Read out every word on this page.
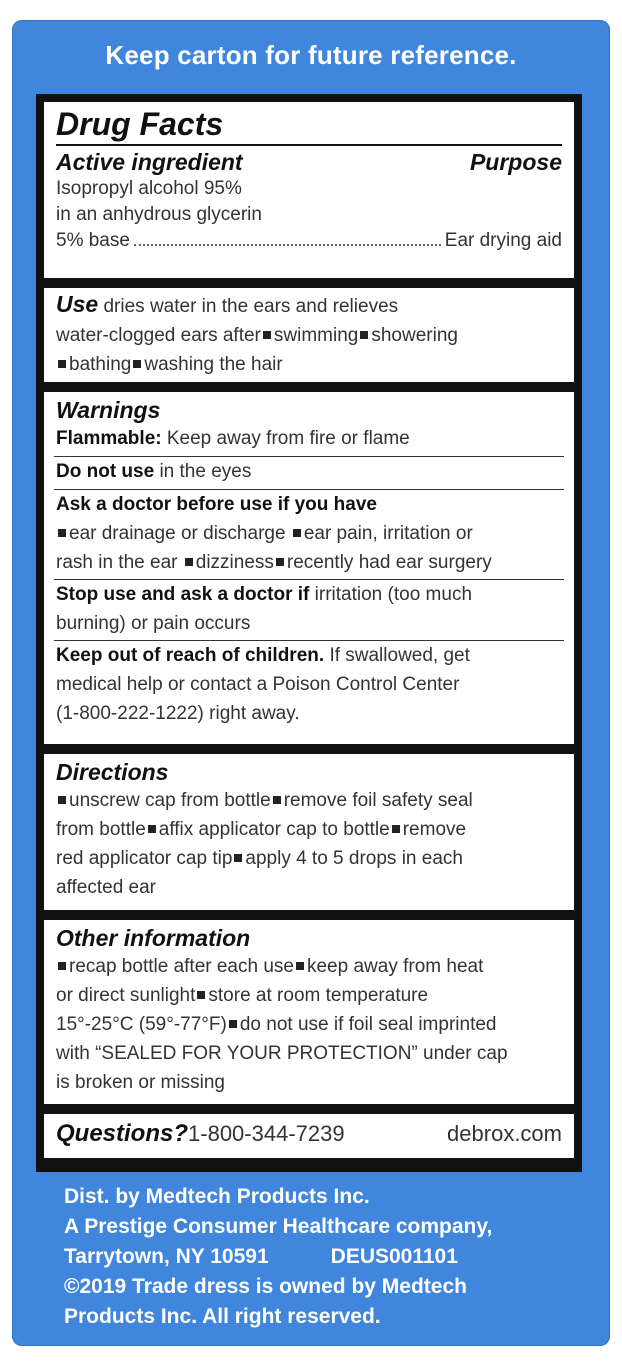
Keep carton for future reference.
Drug Facts
Active ingredient	Purpose
Isopropyl alcohol 95%
in an anhydrous glycerin
5% base	Ear drying aid
Use dries water in the ears and relieves
water-clogged ears after swimming showering
bathing washing the hair
Warnings
Flammable: Keep away from fire or flame
Do not use in the eyes
Ask a doctor before use if you have
ear drainage or discharge ear pain, irritation or
rash in the ear dizziness recently had ear surgery
Stop use and ask a doctor if irritation (too much
burning) or pain occurs
Keep out of reach of children. If swallowed, get
medical help or contact a Poison Control Center
(1-800-222-1222) right away.
Directions
unscrew cap from bottle remove foil safety seal
from bottle affix applicator cap to bottle remove
red applicator cap tip apply 4 to 5 drops in each
affected ear
Other information
recap bottle after each use keep away from heat
or direct sunlight store at room temperature
15°-25°C (59°-77°F) do not use if foil seal imprinted
with “SEALED FOR YOUR PROTECTION” under cap
is broken or missing
Questions?1-800-344-7239	debrox.com
Dist. by Medtech Products Inc.
A Prestige Consumer Healthcare company,
Tarrytown, NY 10591	DEUS001101
©2019 Trade dress is owned by Medtech
Products Inc. All right reserved.
